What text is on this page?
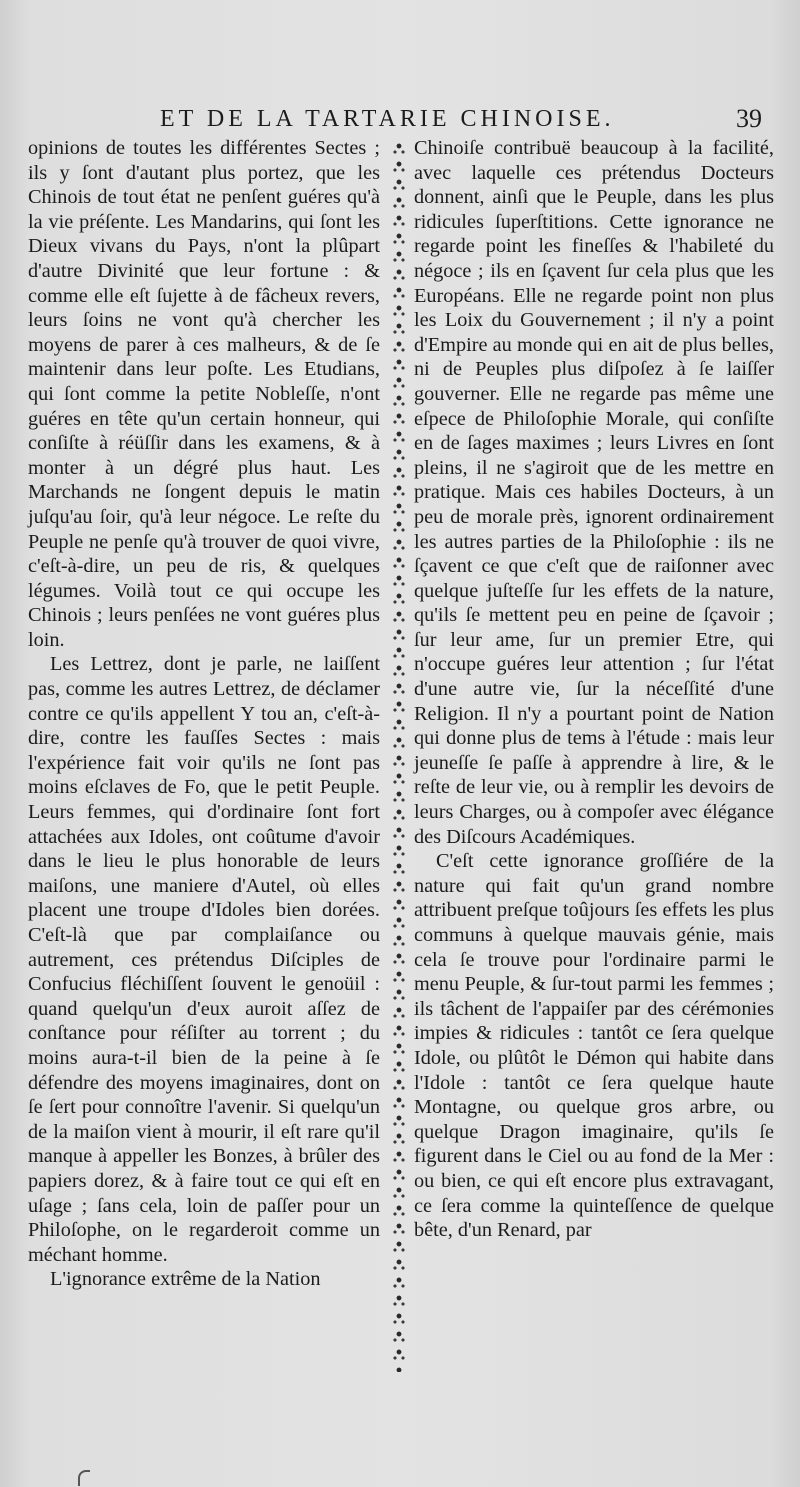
ET DE LA TARTARIE CHINOISE.	39

opinions de toutes les différentes Sectes ; ils y ſont d'autant plus portez, que les Chinois de tout état ne penſent guéres qu'à la vie préſente. Les Mandarins, qui ſont les Dieux vivans du Pays, n'ont la plûpart d'autre Divinité que leur fortune : & comme elle eſt ſujette à de fâcheux revers, leurs ſoins ne vont qu'à chercher les moyens de parer à ces malheurs, & de ſe maintenir dans leur poſte. Les Etudians, qui ſont comme la petite Nobleſſe, n'ont guéres en tête qu'un certain honneur, qui conſiſte à réüſſir dans les examens, & à monter à un dégré plus haut. Les Marchands ne ſongent depuis le matin juſqu'au ſoir, qu'à leur négoce. Le reſte du Peuple ne penſe qu'à trouver de quoi vivre, c'eſt-à-dire, un peu de ris, & quelques légumes. Voilà tout ce qui occupe les Chinois ; leurs penſées ne vont guéres plus loin.

Les Lettrez, dont je parle, ne laiſſent pas, comme les autres Lettrez, de déclamer contre ce qu'ils appellent Y tou an, c'eſt-à-dire, contre les fauſſes Sectes : mais l'expérience fait voir qu'ils ne ſont pas moins eſclaves de Fo, que le petit Peuple. Leurs femmes, qui d'ordinaire ſont fort attachées aux Idoles, ont coûtume d'avoir dans le lieu le plus honorable de leurs maiſons, une maniere d'Autel, où elles placent une troupe d'Idoles bien dorées. C'eſt-là que par complaiſance ou autrement, ces prétendus Diſciples de Confucius fléchiſſent ſouvent le genoüil : quand quelqu'un d'eux auroit aſſez de conſtance pour réſiſter au torrent ; du moins aura-t-il bien de la peine à ſe défendre des moyens imaginaires, dont on ſe ſert pour connoître l'avenir. Si quelqu'un de la maiſon vient à mourir, il eſt rare qu'il manque à appeller les Bonzes, à brûler des papiers dorez, & à faire tout ce qui eſt en uſage ; ſans cela, loin de paſſer pour un Philoſophe, on le regarderoit comme un méchant homme.

L'ignorance extrême de la Nation

Chinoiſe contribuë beaucoup à la facilité, avec laquelle ces prétendus Docteurs donnent, ainſi que le Peuple, dans les plus ridicules ſuperſtitions. Cette ignorance ne regarde point les fineſſes & l'habileté du négoce ; ils en ſçavent ſur cela plus que les Européans. Elle ne regarde point non plus les Loix du Gouvernement ; il n'y a point d'Empire au monde qui en ait de plus belles, ni de Peuples plus diſpoſez à ſe laiſſer gouverner. Elle ne regarde pas même une eſpece de Philoſophie Morale, qui conſiſte en de ſages maximes ; leurs Livres en ſont pleins, il ne s'agiroit que de les mettre en pratique. Mais ces habiles Docteurs, à un peu de morale près, ignorent ordinairement les autres parties de la Philoſophie : ils ne ſçavent ce que c'eſt que de raiſonner avec quelque juſteſſe ſur les effets de la nature, qu'ils ſe mettent peu en peine de ſçavoir ; ſur leur ame, ſur un premier Etre, qui n'occupe guéres leur attention ; ſur l'état d'une autre vie, ſur la néceſſité d'une Religion. Il n'y a pourtant point de Nation qui donne plus de tems à l'étude : mais leur jeuneſſe ſe paſſe à apprendre à lire, & le reſte de leur vie, ou à remplir les devoirs de leurs Charges, ou à compoſer avec élégance des Diſcours Académiques.

C'eſt cette ignorance groſſiére de la nature qui fait qu'un grand nombre attribuent preſque toûjours ſes effets les plus communs à quelque mauvais génie, mais cela ſe trouve pour l'ordinaire parmi le menu Peuple, & ſur-tout parmi les femmes ; ils tâchent de l'appaiſer par des cérémonies impies & ridicules : tantôt ce ſera quelque Idole, ou plûtôt le Démon qui habite dans l'Idole : tantôt ce ſera quelque haute Montagne, ou quelque gros arbre, ou quelque Dragon imaginaire, qu'ils ſe figurent dans le Ciel ou au fond de la Mer : ou bien, ce qui eſt encore plus extravagant, ce ſera comme la quinteſſence de quelque bête, d'un Renard, par
